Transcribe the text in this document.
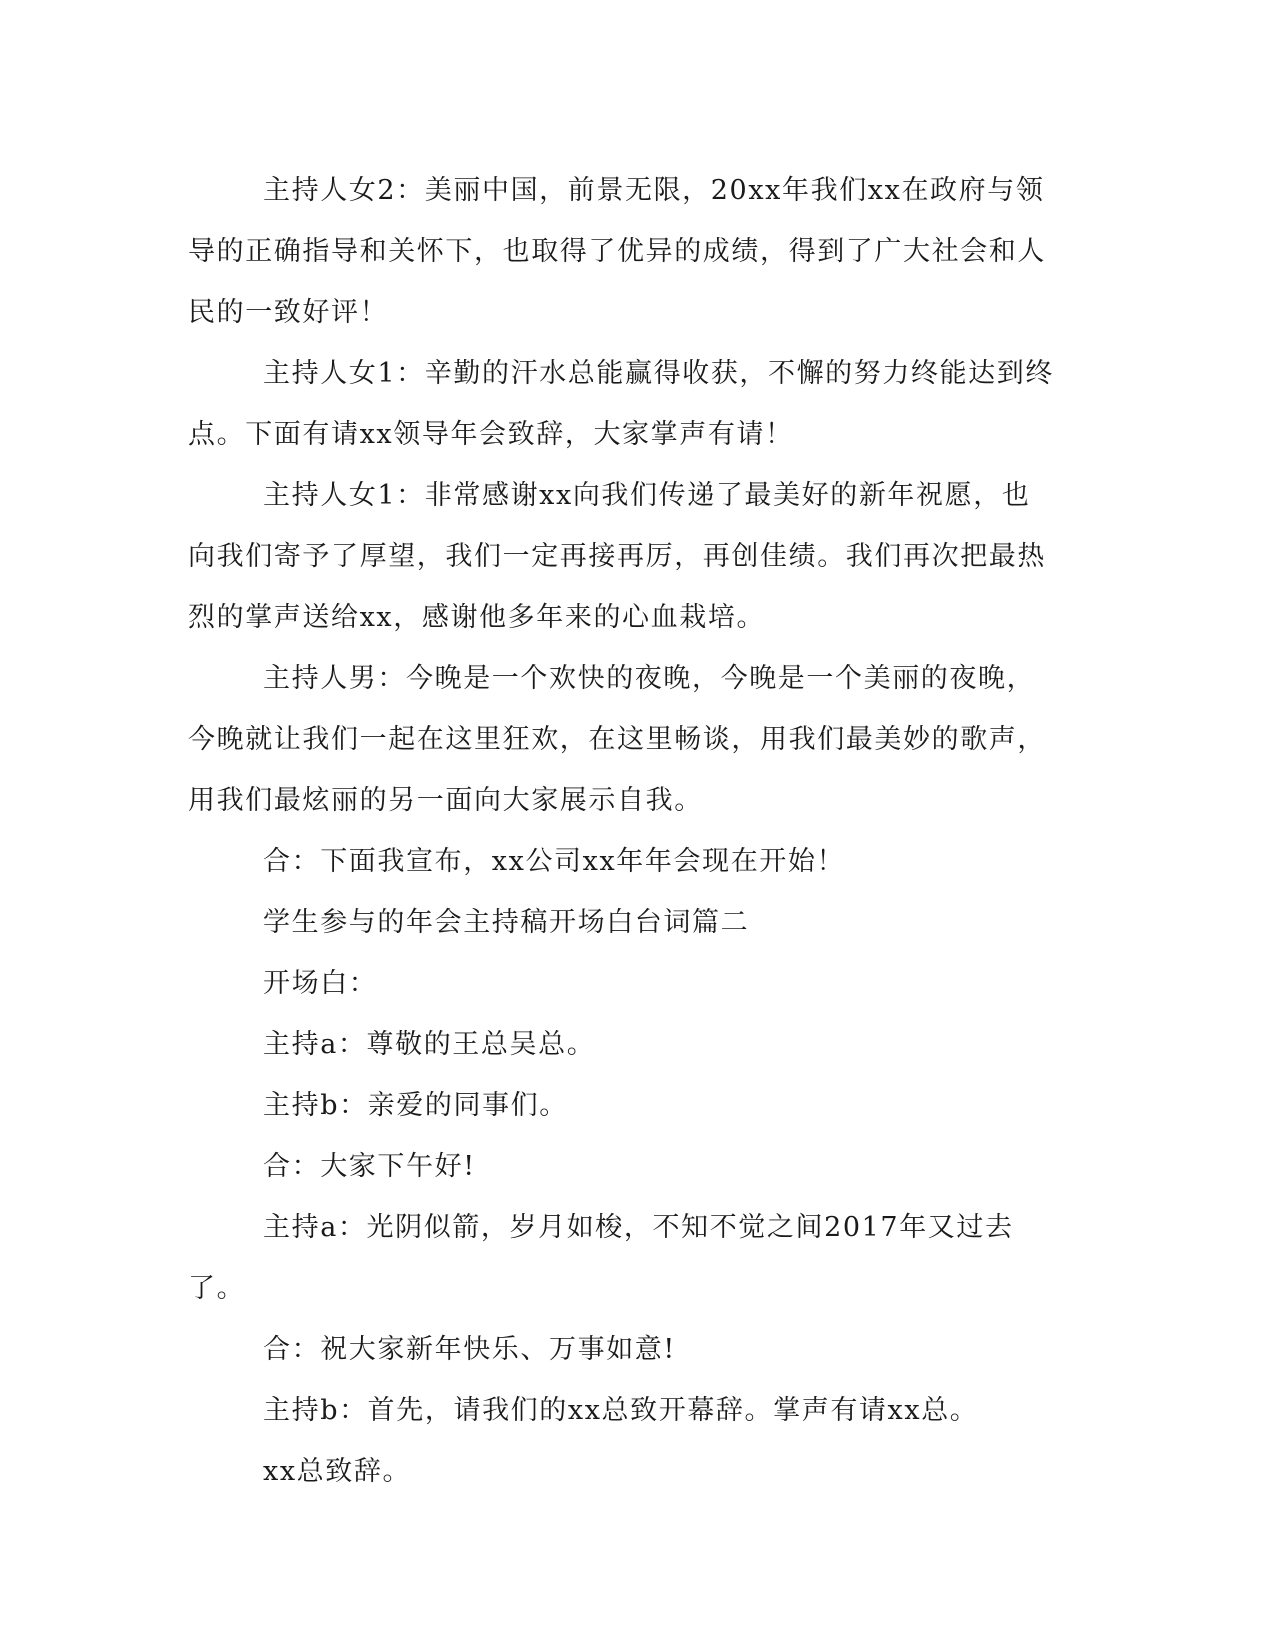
主持人女2：美丽中国，前景无限，20xx年我们xx在政府与领导的正确指导和关怀下，也取得了优异的成绩，得到了广大社会和人民的一致好评！

主持人女1：辛勤的汗水总能赢得收获，不懈的努力终能达到终点。下面有请xx领导年会致辞，大家掌声有请！

主持人女1：非常感谢xx向我们传递了最美好的新年祝愿，也向我们寄予了厚望，我们一定再接再厉，再创佳绩。我们再次把最热烈的掌声送给xx，感谢他多年来的心血栽培。

主持人男：今晚是一个欢快的夜晚，今晚是一个美丽的夜晚，今晚就让我们一起在这里狂欢，在这里畅谈，用我们最美妙的歌声，用我们最炫丽的另一面向大家展示自我。

合：下面我宣布，xx公司xx年年会现在开始！

学生参与的年会主持稿开场白台词篇二

开场白：

主持a：尊敬的王总吴总。

主持b：亲爱的同事们。

合：大家下午好!

主持a：光阴似箭，岁月如梭，不知不觉之间2017年又过去了。

合：祝大家新年快乐、万事如意!

主持b：首先，请我们的xx总致开幕辞。掌声有请xx总。

xx总致辞。
